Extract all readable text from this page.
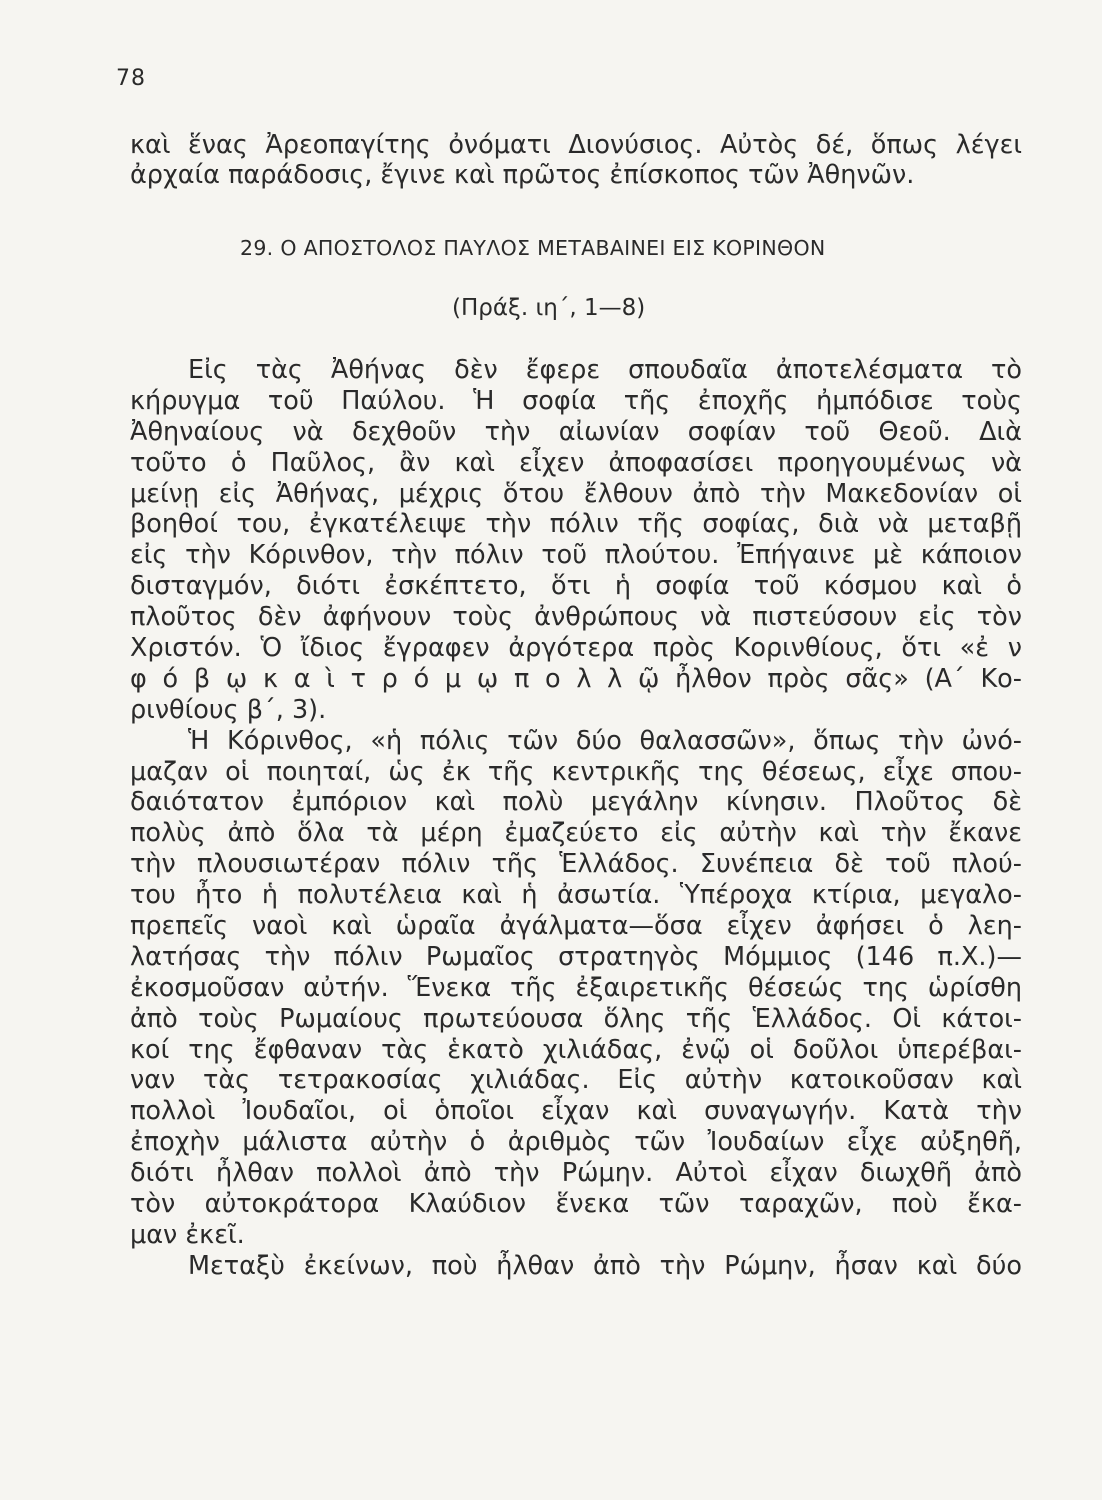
78
καὶ ἕνας Ἀρεοπαγίτης ὀνόματι Διονύσιος. Αὐτὸς δέ, ὅπως λέγει
ἀρχαία παράδοσις, ἔγινε καὶ πρῶτος ἐπίσκοπος τῶν Ἀθηνῶν.
29. Ο ΑΠΟΣΤΟΛΟΣ ΠΑΥΛΟΣ ΜΕΤΑΒΑΙΝΕΙ ΕΙΣ ΚΟΡΙΝΘΟΝ
(Πράξ. ιη΄, 1—8)
Εἰς τὰς Ἀθήνας δὲν ἔφερε σπουδαῖα ἀποτελέσματα τὸ
κήρυγμα τοῦ Παύλου. Ἡ σοφία τῆς ἐποχῆς ἠμπόδισε τοὺς
Ἀθηναίους νὰ δεχθοῦν τὴν αἰωνίαν σοφίαν τοῦ Θεοῦ. Διὰ
τοῦτο ὁ Παῦλος, ἂν καὶ εἶχεν ἀποφασίσει προηγουμένως νὰ
μείνῃ εἰς Ἀθήνας, μέχρις ὅτου ἔλθουν ἀπὸ τὴν Μακεδονίαν οἱ
βοηθοί του, ἐγκατέλειψε τὴν πόλιν τῆς σοφίας, διὰ νὰ μεταβῇ
εἰς τὴν Κόρινθον, τὴν πόλιν τοῦ πλούτου. Ἐπήγαινε μὲ κάποιον
δισταγμόν, διότι ἐσκέπτετο, ὅτι ἡ σοφία τοῦ κόσμου καὶ ὁ
πλοῦτος δὲν ἀφήνουν τοὺς ἀνθρώπους νὰ πιστεύσουν εἰς τὸν
Χριστόν. Ὁ ἴδιος ἔγραφεν ἀργότερα πρὸς Κορινθίους, ὅτι «ἐ ν
φ ό β ῳ κ α ὶ τ ρ ό μ ῳ π ο λ λ ῷ ἦλθον πρὸς σᾶς» (Α΄ Κο-
ρινθίους β΄, 3).
Ἡ Κόρινθος, «ἡ πόλις τῶν δύο θαλασσῶν», ὅπως τὴν ὠνό-
μαζαν οἱ ποιηταί, ὡς ἐκ τῆς κεντρικῆς της θέσεως, εἶχε σπου-
δαιότατον ἐμπόριον καὶ πολὺ μεγάλην κίνησιν. Πλοῦτος δὲ
πολὺς ἀπὸ ὅλα τὰ μέρη ἐμαζεύετο εἰς αὐτὴν καὶ τὴν ἔκανε
τὴν πλουσιωτέραν πόλιν τῆς Ἑλλάδος. Συνέπεια δὲ τοῦ πλού-
του ἦτο ἡ πολυτέλεια καὶ ἡ ἀσωτία. Ὑπέροχα κτίρια, μεγαλο-
πρεπεῖς ναοὶ καὶ ὡραῖα ἀγάλματα—ὅσα εἶχεν ἀφήσει ὁ λεη-
λατήσας τὴν πόλιν Ρωμαῖος στρατηγὸς Μόμμιος (146 π.Χ.)—
ἐκοσμοῦσαν αὐτήν. Ἕνεκα τῆς ἐξαιρετικῆς θέσεώς της ὡρίσθη
ἀπὸ τοὺς Ρωμαίους πρωτεύουσα ὅλης τῆς Ἑλλάδος. Οἱ κάτοι-
κοί της ἔφθαναν τὰς ἑκατὸ χιλιάδας, ἐνῷ οἱ δοῦλοι ὑπερέβαι-
ναν τὰς τετρακοσίας χιλιάδας. Εἰς αὐτὴν κατοικοῦσαν καὶ
πολλοὶ Ἰουδαῖοι, οἱ ὁποῖοι εἶχαν καὶ συναγωγήν. Κατὰ τὴν
ἐποχὴν μάλιστα αὐτὴν ὁ ἀριθμὸς τῶν Ἰουδαίων εἶχε αὐξηθῆ,
διότι ἦλθαν πολλοὶ ἀπὸ τὴν Ρώμην. Αὐτοὶ εἶχαν διωχθῆ ἀπὸ
τὸν αὐτοκράτορα Κλαύδιον ἕνεκα τῶν ταραχῶν, ποὺ ἔκα-
μαν ἐκεῖ.
Μεταξὺ ἐκείνων, ποὺ ἦλθαν ἀπὸ τὴν Ρώμην, ἦσαν καὶ δύο
